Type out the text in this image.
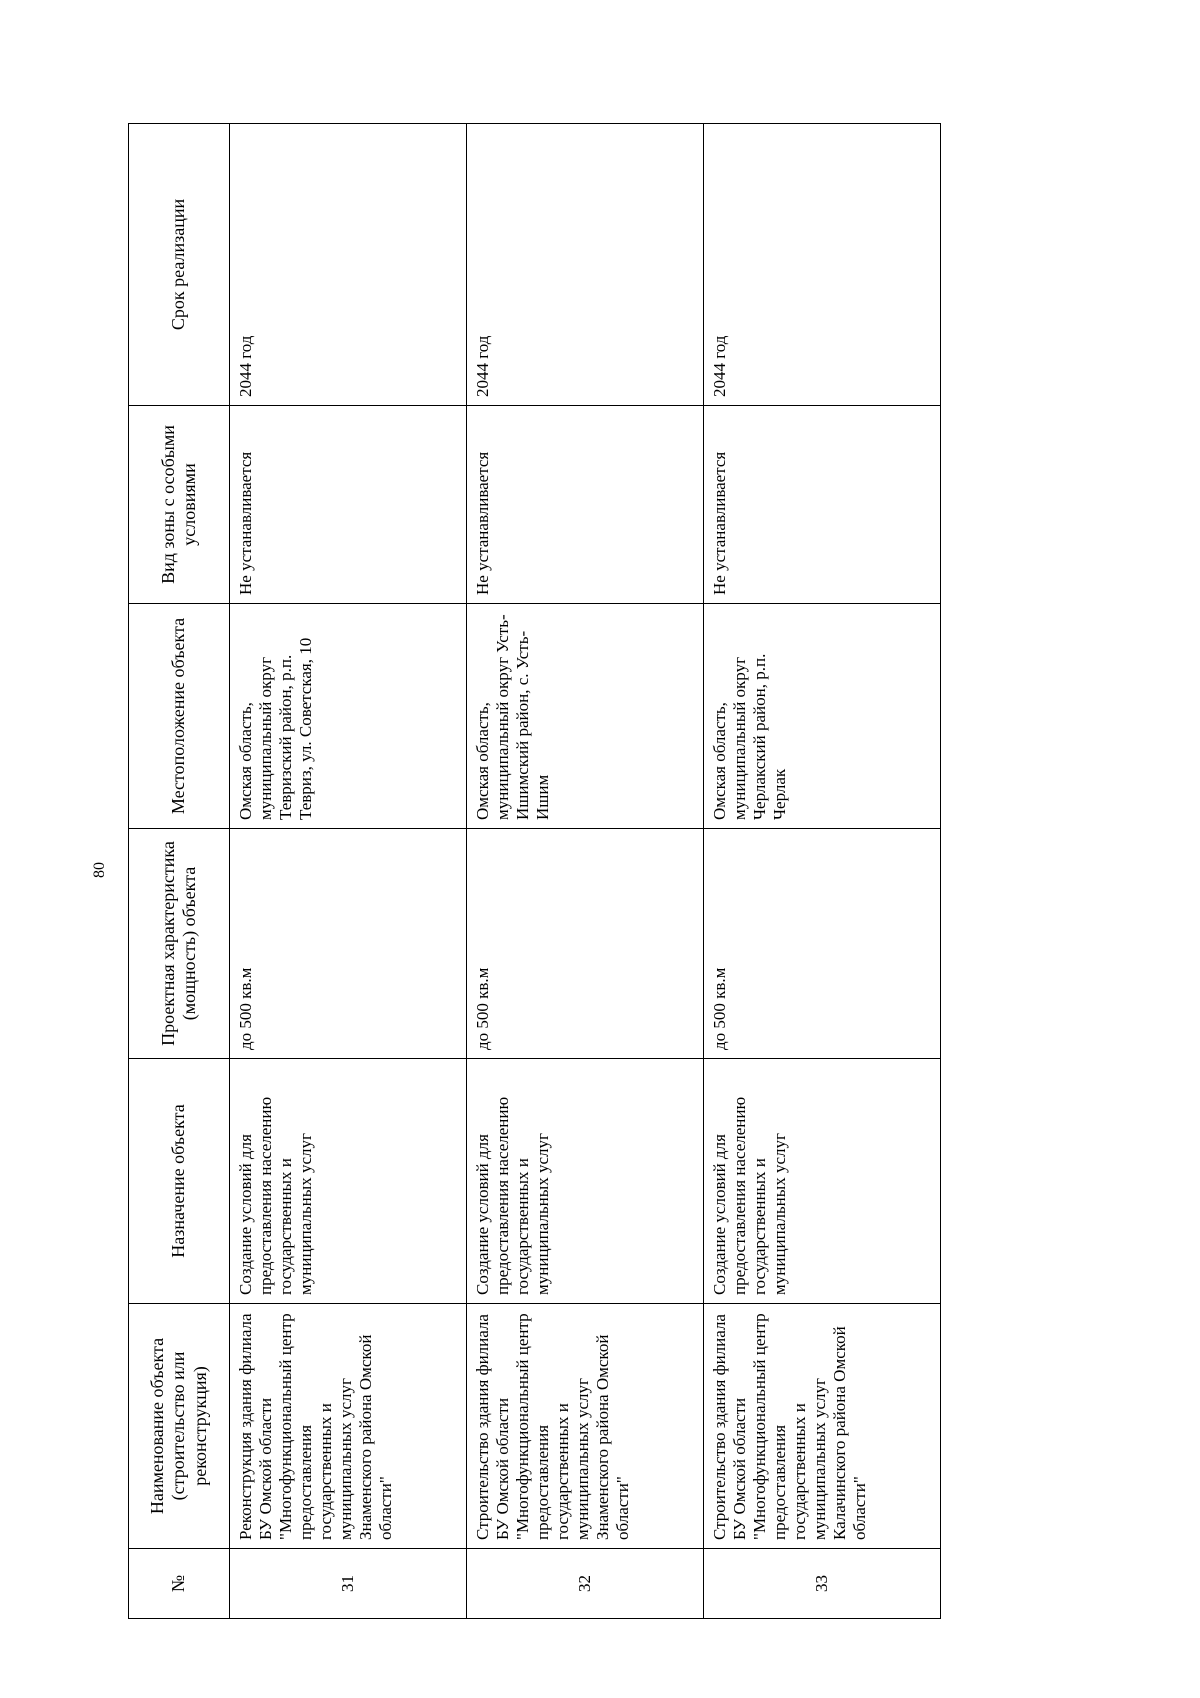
80
№	Наименование объекта (строительство или реконструкция)	Назначение объекта	Проектная характеристика (мощность) объекта	Местоположение объекта	Вид зоны с особыми условиями	Срок реализации
31	Реконструкция здания филиала БУ Омской области "Многофункциональный центр предоставления государственных и муниципальных услуг Знаменского района Омской области"	Создание условий для предоставления населению государственных и муниципальных услуг	до 500 кв.м	Омская область, муниципальный округ Тевризский район, р.п. Тевриз, ул. Советская, 10	Не устанавливается	2044 год
32	Строительство здания филиала БУ Омской области "Многофункциональный центр предоставления государственных и муниципальных услуг Знаменского района Омской области"	Создание условий для предоставления населению государственных и муниципальных услуг	до 500 кв.м	Омская область, муниципальный округ Усть-Ишимский район, с. Усть-Ишим	Не устанавливается	2044 год
33	Строительство здания филиала БУ Омской области "Многофункциональный центр предоставления государственных и муниципальных услуг Калачинского района Омской области"	Создание условий для предоставления населению государственных и муниципальных услуг	до 500 кв.м	Омская область, муниципальный округ Черлакский район, р.п. Черлак	Не устанавливается	2044 год
